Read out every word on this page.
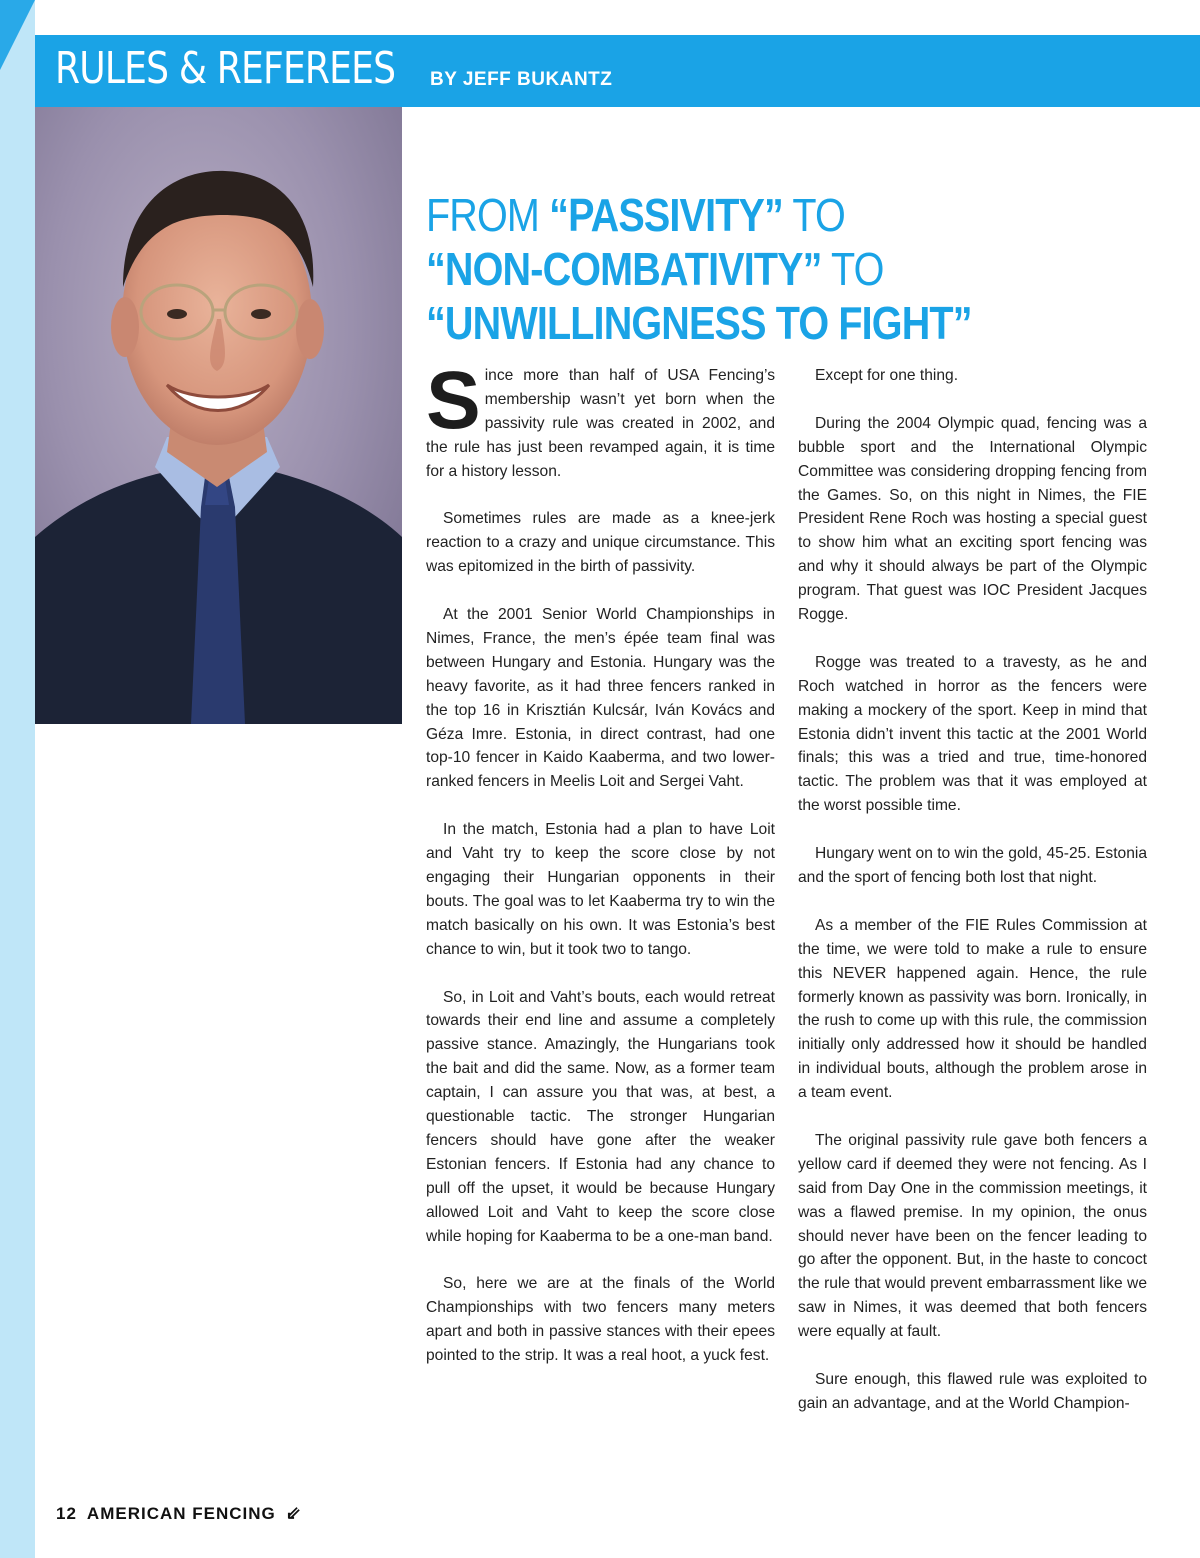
RULES & REFEREES BY JEFF BUKANTZ
FROM “PASSIVITY” TO
“NON-COMBATIVITY” TO
“UNWILLINGNESS TO FIGHT”

Since more than half of USA Fencing’s membership wasn’t yet born when the passivity rule was created in 2002, and the rule has just been revamped again, it is time for a history lesson.

Sometimes rules are made as a knee-jerk reaction to a crazy and unique circumstance. This was epitomized in the birth of passivity.

At the 2001 Senior World Championships in Nimes, France, the men’s épée team final was between Hungary and Estonia. Hungary was the heavy favorite, as it had three fencers ranked in the top 16 in Krisztián Kulcsár, Iván Kovács and Géza Imre. Estonia, in direct contrast, had one top-10 fencer in Kaido Kaaberma, and two lower-ranked fencers in Meelis Loit and Sergei Vaht.

In the match, Estonia had a plan to have Loit and Vaht try to keep the score close by not engaging their Hungarian opponents in their bouts. The goal was to let Kaaberma try to win the match basically on his own. It was Estonia’s best chance to win, but it took two to tango.

So, in Loit and Vaht’s bouts, each would retreat towards their end line and assume a completely passive stance. Amazingly, the Hungarians took the bait and did the same. Now, as a former team captain, I can assure you that was, at best, a questionable tactic. The stronger Hungarian fencers should have gone after the weaker Estonian fencers. If Estonia had any chance to pull off the upset, it would be because Hungary allowed Loit and Vaht to keep the score close while hoping for Kaaberma to be a one-man band.

So, here we are at the finals of the World Championships with two fencers many meters apart and both in passive stances with their epees pointed to the strip. It was a real hoot, a yuck fest.

Except for one thing.

During the 2004 Olympic quad, fencing was a bubble sport and the International Olympic Committee was considering dropping fencing from the Games. So, on this night in Nimes, the FIE President Rene Roch was hosting a special guest to show him what an exciting sport fencing was and why it should always be part of the Olympic program. That guest was IOC President Jacques Rogge.

Rogge was treated to a travesty, as he and Roch watched in horror as the fencers were making a mockery of the sport. Keep in mind that Estonia didn’t invent this tactic at the 2001 World finals; this was a tried and true, time-honored tactic. The problem was that it was employed at the worst possible time.

Hungary went on to win the gold, 45-25. Estonia and the sport of fencing both lost that night.

As a member of the FIE Rules Commission at the time, we were told to make a rule to ensure this NEVER happened again. Hence, the rule formerly known as passivity was born. Ironically, in the rush to come up with this rule, the commission initially only addressed how it should be handled in individual bouts, although the problem arose in a team event.

The original passivity rule gave both fencers a yellow card if deemed they were not fencing. As I said from Day One in the commission meetings, it was a flawed premise. In my opinion, the onus should never have been on the fencer leading to go after the opponent. But, in the haste to concoct the rule that would prevent embarrassment like we saw in Nimes, it was deemed that both fencers were equally at fault.

Sure enough, this flawed rule was exploited to gain an advantage, and at the World Champion-

12 AMERICAN FENCING ⇙
